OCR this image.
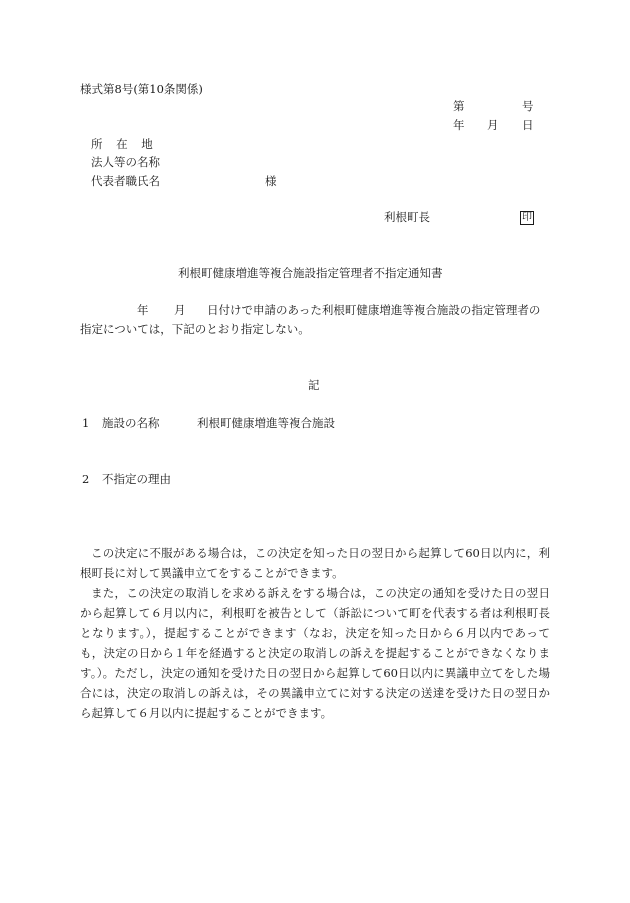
様式第8号(第10条関係)
第	号
年 月 日
所 在 地
法人等の名称
代表者職氏名	様
利根町長	印
利根町健康増進等複合施設指定管理者不指定通知書
年 月 日付けで申請のあった利根町健康増進等複合施設の指定管理者の
指定については，下記のとおり指定しない。
記
1 施設の名称	利根町健康増進等複合施設
2 不指定の理由
この決定に不服がある場合は，この決定を知った日の翌日から起算して60日以内に，利根町長に対して異議申立てをすることができます。
また，この決定の取消しを求める訴えをする場合は，この決定の通知を受けた日の翌日から起算して６月以内に，利根町を被告として（訴訟について町を代表する者は利根町長となります。），提起することができます（なお，決定を知った日から６月以内であっても，決定の日から１年を経過すると決定の取消しの訴えを提起することができなくなります。）。ただし，決定の通知を受けた日の翌日から起算して60日以内に異議申立てをした場合には，決定の取消しの訴えは，その異議申立てに対する決定の送達を受けた日の翌日から起算して６月以内に提起することができます。
